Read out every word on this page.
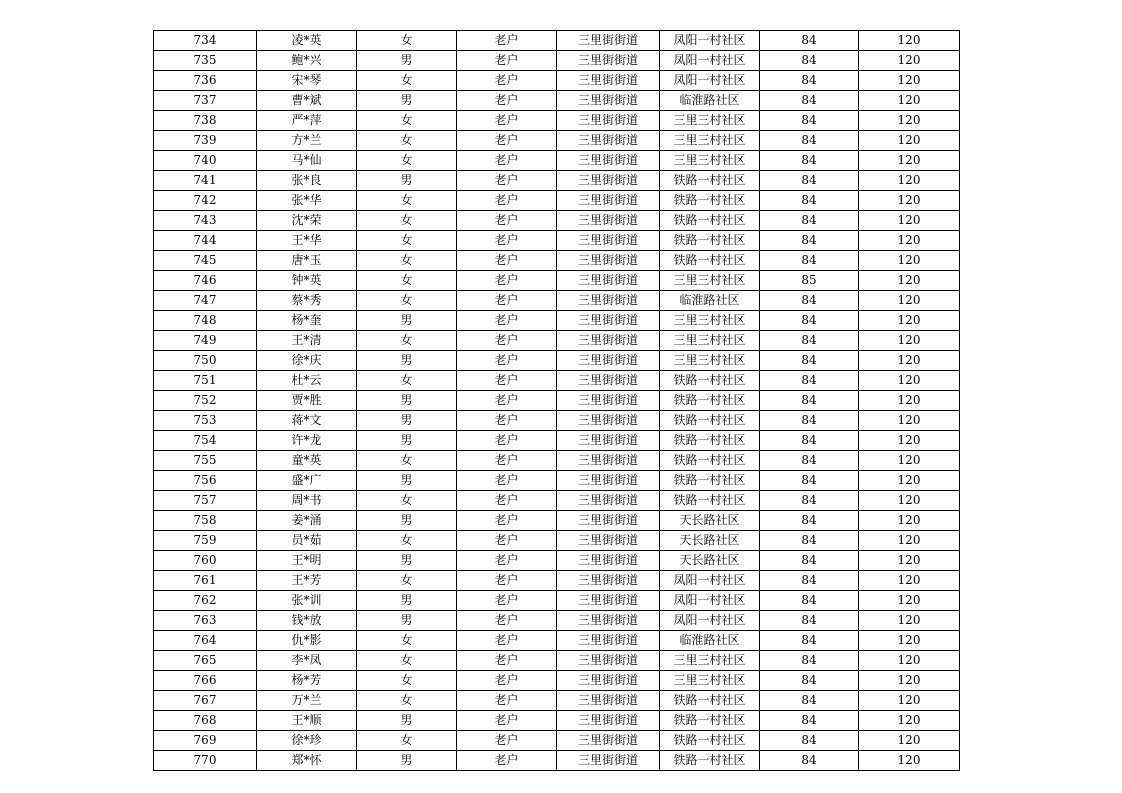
734	凌*英	女	老户	三里街街道	凤阳一村社区	84	120
735	鲍*兴	男	老户	三里街街道	凤阳一村社区	84	120
736	宋*琴	女	老户	三里街街道	凤阳一村社区	84	120
737	曹*斌	男	老户	三里街街道	临淮路社区	84	120
738	严*萍	女	老户	三里街街道	三里三村社区	84	120
739	方*兰	女	老户	三里街街道	三里三村社区	84	120
740	马*仙	女	老户	三里街街道	三里三村社区	84	120
741	张*良	男	老户	三里街街道	铁路一村社区	84	120
742	张*华	女	老户	三里街街道	铁路一村社区	84	120
743	沈*荣	女	老户	三里街街道	铁路一村社区	84	120
744	王*华	女	老户	三里街街道	铁路一村社区	84	120
745	唐*玉	女	老户	三里街街道	铁路一村社区	84	120
746	钟*英	女	老户	三里街街道	三里三村社区	85	120
747	蔡*秀	女	老户	三里街街道	临淮路社区	84	120
748	杨*奎	男	老户	三里街街道	三里三村社区	84	120
749	王*清	女	老户	三里街街道	三里三村社区	84	120
750	徐*庆	男	老户	三里街街道	三里三村社区	84	120
751	杜*云	女	老户	三里街街道	铁路一村社区	84	120
752	贾*胜	男	老户	三里街街道	铁路一村社区	84	120
753	蒋*文	男	老户	三里街街道	铁路一村社区	84	120
754	许*龙	男	老户	三里街街道	铁路一村社区	84	120
755	童*英	女	老户	三里街街道	铁路一村社区	84	120
756	盛*广	男	老户	三里街街道	铁路一村社区	84	120
757	周*书	女	老户	三里街街道	铁路一村社区	84	120
758	姜*涌	男	老户	三里街街道	天长路社区	84	120
759	员*茹	女	老户	三里街街道	天长路社区	84	120
760	王*明	男	老户	三里街街道	天长路社区	84	120
761	王*芳	女	老户	三里街街道	凤阳一村社区	84	120
762	张*训	男	老户	三里街街道	凤阳一村社区	84	120
763	钱*放	男	老户	三里街街道	凤阳一村社区	84	120
764	仇*影	女	老户	三里街街道	临淮路社区	84	120
765	李*凤	女	老户	三里街街道	三里三村社区	84	120
766	杨*芳	女	老户	三里街街道	三里三村社区	84	120
767	万*兰	女	老户	三里街街道	铁路一村社区	84	120
768	王*顺	男	老户	三里街街道	铁路一村社区	84	120
769	徐*珍	女	老户	三里街街道	铁路一村社区	84	120
770	郑*怀	男	老户	三里街街道	铁路一村社区	84	120
